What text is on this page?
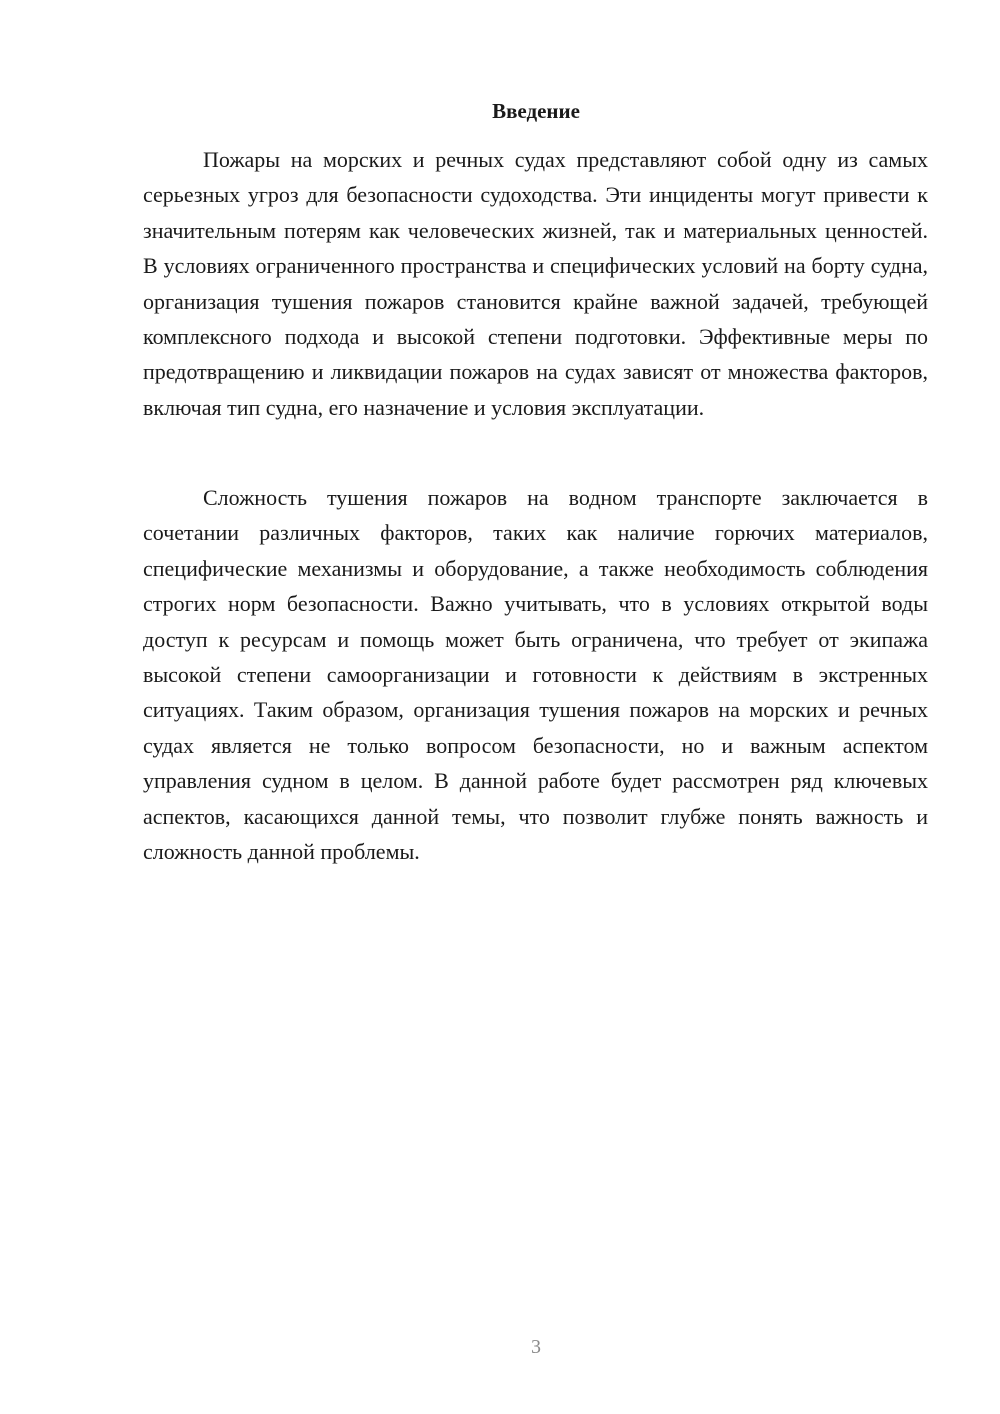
Введение

Пожары на морских и речных судах представляют собой одну из самых серьезных угроз для безопасности судоходства. Эти инциденты могут привести к значительным потерям как человеческих жизней, так и материальных ценностей. В условиях ограниченного пространства и специфических условий на борту судна, организация тушения пожаров становится крайне важной задачей, требующей комплексного подхода и высокой степени подготовки. Эффективные меры по предотвращению и ликвидации пожаров на судах зависят от множества факторов, включая тип судна, его назначение и условия эксплуатации.

Сложность тушения пожаров на водном транспорте заключается в сочетании различных факторов, таких как наличие горючих материалов, специфические механизмы и оборудование, а также необходимость соблюдения строгих норм безопасности. Важно учитывать, что в условиях открытой воды доступ к ресурсам и помощь может быть ограничена, что требует от экипажа высокой степени самоорганизации и готовности к действиям в экстренных ситуациях. Таким образом, организация тушения пожаров на морских и речных судах является не только вопросом безопасности, но и важным аспектом управления судном в целом. В данной работе будет рассмотрен ряд ключевых аспектов, касающихся данной темы, что позволит глубже понять важность и сложность данной проблемы.

3
